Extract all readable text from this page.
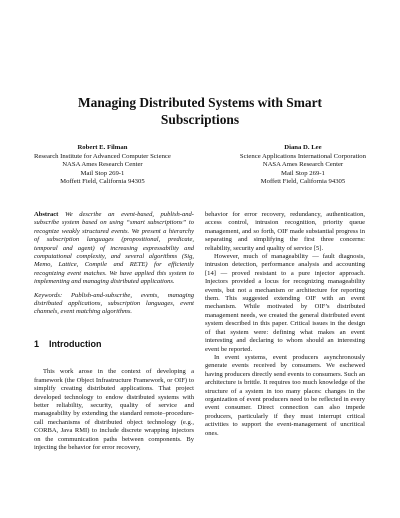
Managing Distributed Systems with Smart
Subscriptions
Robert E. Filman
Research Institute for Advanced Computer Science
NASA Ames Research Center
Mail Stop 269-1
Moffett Field, California 94305
Diana D. Lee
Science Applications International Corporation
NASA Ames Research Center
Mail Stop 269-1
Moffett Field, California 94305

Abstract We describe an event-based, publish-and-subscribe system based on using “smart subscriptions” to recognize weakly structured events. We present a hierarchy of subscription languages (propositional, predicate, temporal and agent) of increasing expressability and computational complexity, and several algorithms (Sig, Memo, Lattice, Compile and RETE) for efficiently recognizing event matches. We have applied this system to implementing and managing distributed applications.

Keywords: Publish-and-subscribe, events, managing distributed applications, subscription languages, event channels, event matching algorithms.

1 Introduction

This work arose in the context of developing a framework (the Object Infrastructure Framework, or OIF) to simplify creating distributed applications. That project developed technology to endow distributed systems with better reliability, security, quality of service and manageability by extending the standard remote–procedure-call mechanisms of distributed object technology (e.g., CORBA, Java RMI) to include discrete wrapping injectors on the communication paths between components. By injecting the behavior for error recovery,

behavior for error recovery, redundancy, authentication, access control, intrusion recognition, priority queue management, and so forth, OIF made substantial progress in separating and simplifying the first three concerns: reliability, security and quality of service [5].

However, much of manageability — fault diagnosis, intrusion detection, performance analysis and accounting [14] — proved resistant to a pure injector approach. Injectors provided a locus for recognizing manageability events, but not a mechanism or architecture for reporting them. This suggested extending OIF with an event mechanism. While motivated by OIF’s distributed management needs, we created the general distributed event system described in this paper. Critical issues in the design of that system were: defining what makes an event interesting and declaring to whom should an interesting event be reported.

In event systems, event producers asynchronously generate events received by consumers. We eschewed having producers directly send events to consumers. Such an architecture is brittle. It requires too much knowledge of the structure of a system in too many places: changes in the organization of event producers need to be reflected in every event consumer. Direct connection can also impede producers, particularly if they must interrupt critical activities to support the event-management of uncritical ones.
